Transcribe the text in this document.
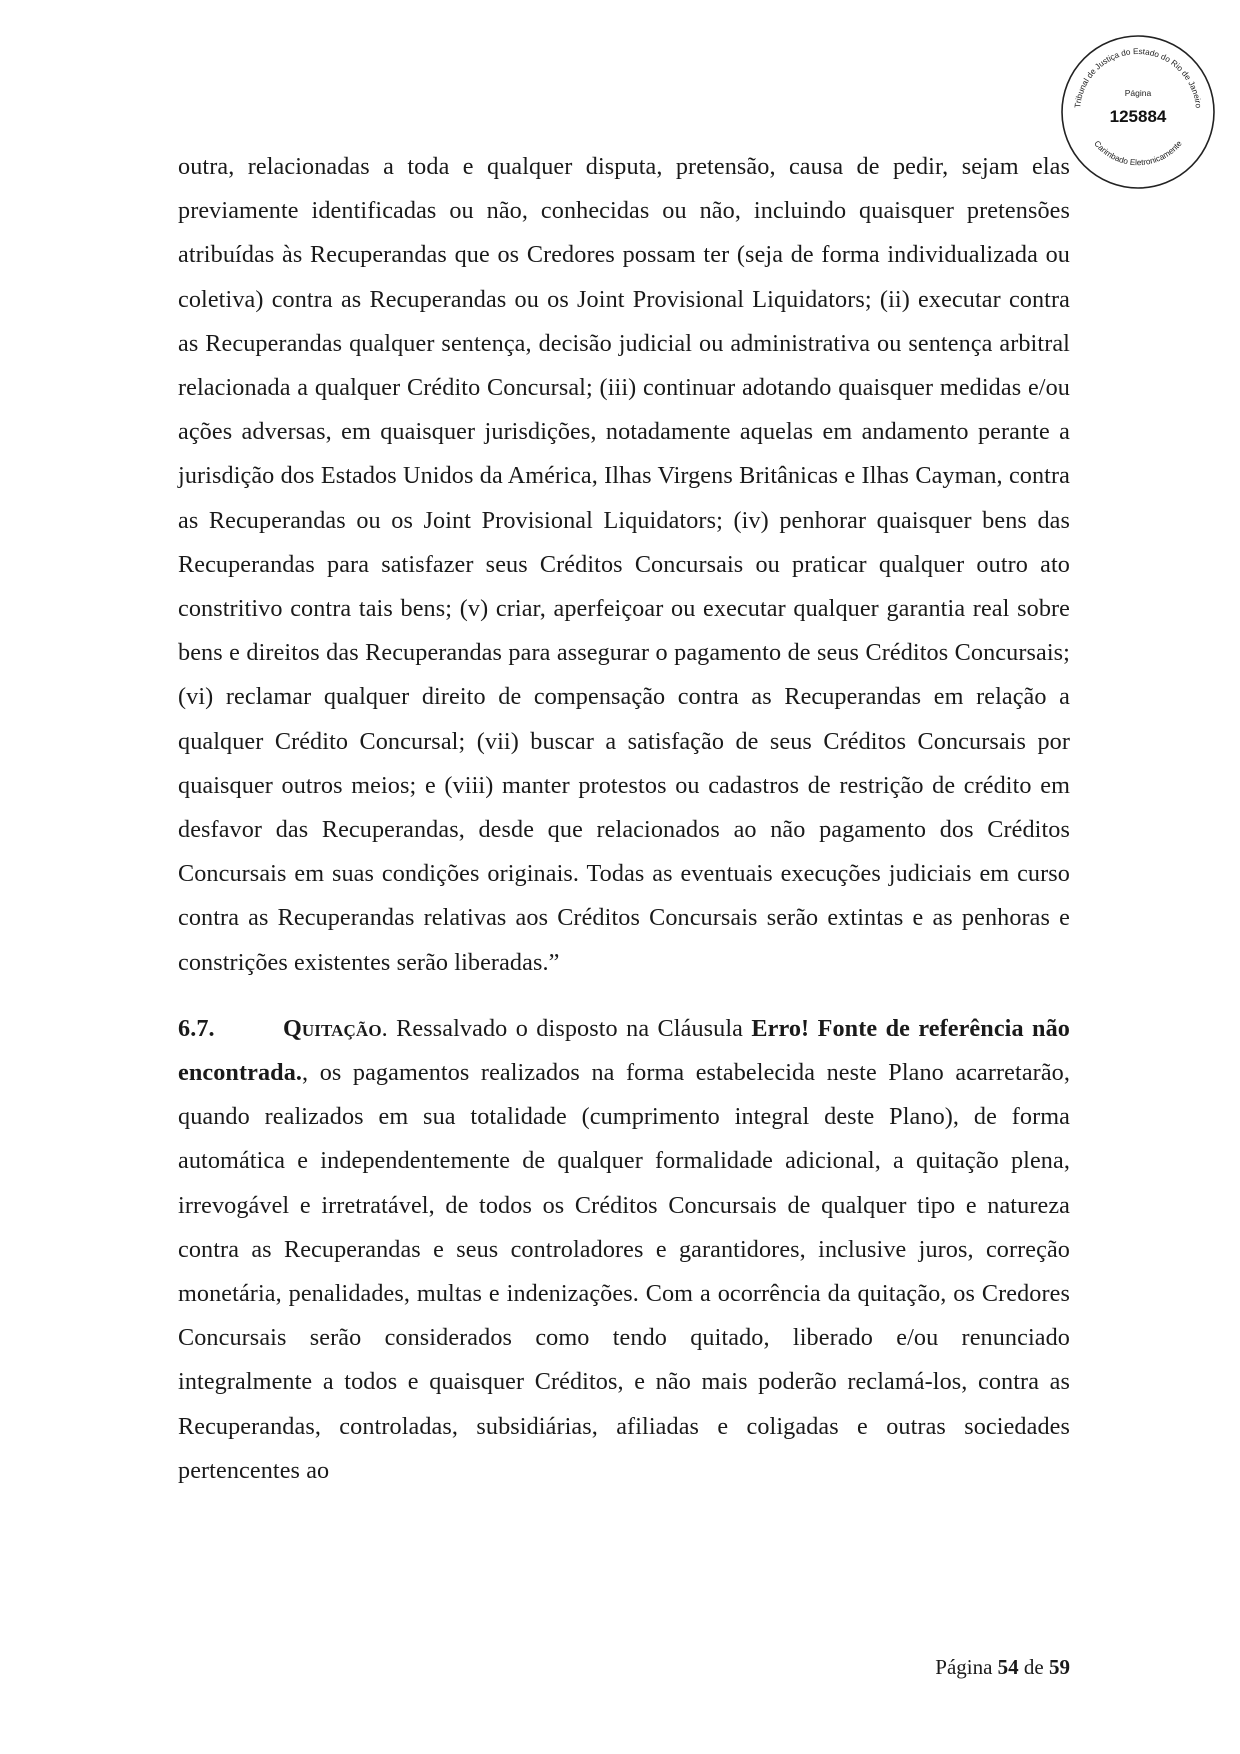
Tribunal de Justiça do Estado do Rio de Janeiro
Página
125884
Carimbado Eletronicamente

outra, relacionadas a toda e qualquer disputa, pretensão, causa de pedir, sejam elas previamente identificadas ou não, conhecidas ou não, incluindo quaisquer pretensões atribuídas às Recuperandas que os Credores possam ter (seja de forma individualizada ou coletiva) contra as Recuperandas ou os Joint Provisional Liquidators; (ii) executar contra as Recuperandas qualquer sentença, decisão judicial ou administrativa ou sentença arbitral relacionada a qualquer Crédito Concursal; (iii) continuar adotando quaisquer medidas e/ou ações adversas, em quaisquer jurisdições, notadamente aquelas em andamento perante a jurisdição dos Estados Unidos da América, Ilhas Virgens Britânicas e Ilhas Cayman, contra as Recuperandas ou os Joint Provisional Liquidators; (iv) penhorar quaisquer bens das Recuperandas para satisfazer seus Créditos Concursais ou praticar qualquer outro ato constritivo contra tais bens; (v) criar, aperfeiçoar ou executar qualquer garantia real sobre bens e direitos das Recuperandas para assegurar o pagamento de seus Créditos Concursais; (vi) reclamar qualquer direito de compensação contra as Recuperandas em relação a qualquer Crédito Concursal; (vii) buscar a satisfação de seus Créditos Concursais por quaisquer outros meios; e (viii) manter protestos ou cadastros de restrição de crédito em desfavor das Recuperandas, desde que relacionados ao não pagamento dos Créditos Concursais em suas condições originais. Todas as eventuais execuções judiciais em curso contra as Recuperandas relativas aos Créditos Concursais serão extintas e as penhoras e constrições existentes serão liberadas.”

6.7.	Quitação. Ressalvado o disposto na Cláusula Erro! Fonte de referência não encontrada., os pagamentos realizados na forma estabelecida neste Plano acarretarão, quando realizados em sua totalidade (cumprimento integral deste Plano), de forma automática e independentemente de qualquer formalidade adicional, a quitação plena, irrevogável e irretratável, de todos os Créditos Concursais de qualquer tipo e natureza contra as Recuperandas e seus controladores e garantidores, inclusive juros, correção monetária, penalidades, multas e indenizações. Com a ocorrência da quitação, os Credores Concursais serão considerados como tendo quitado, liberado e/ou renunciado integralmente a todos e quaisquer Créditos, e não mais poderão reclamá-los, contra as Recuperandas, controladas, subsidiárias, afiliadas e coligadas e outras sociedades pertencentes ao

Página 54 de 59
